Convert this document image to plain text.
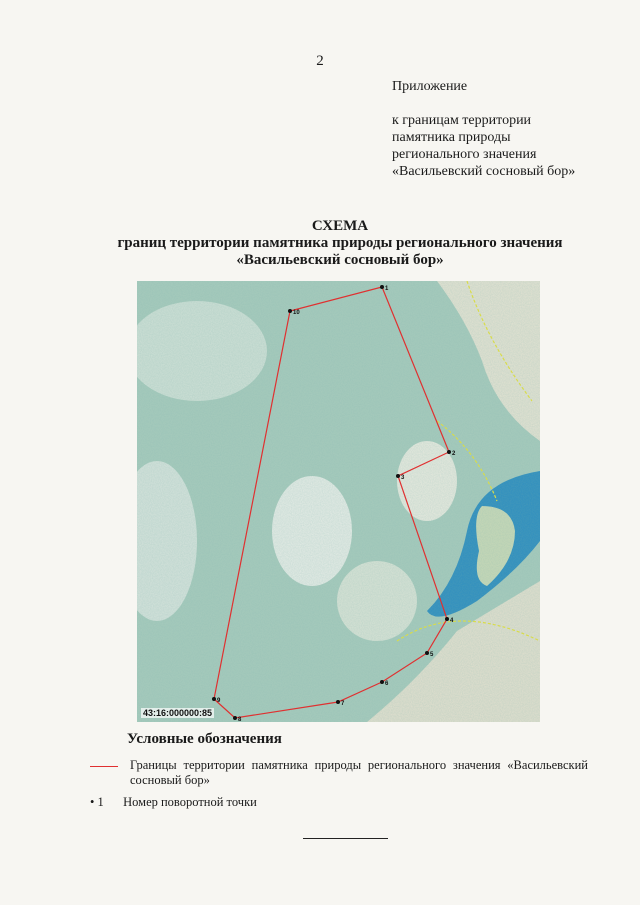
2
Приложение
к границам территории
памятника природы
регионального значения
«Васильевский сосновый бор»
СХЕМА
границ территории памятника природы регионального значения
«Васильевский сосновый бор»
1
2
3
4
5
6
7
8
9
10
43:16:000000:85
Условные обозначения
Границы территории памятника природы регионального значения «Васильевский сосновый бор»
• 1 Номер поворотной точки
